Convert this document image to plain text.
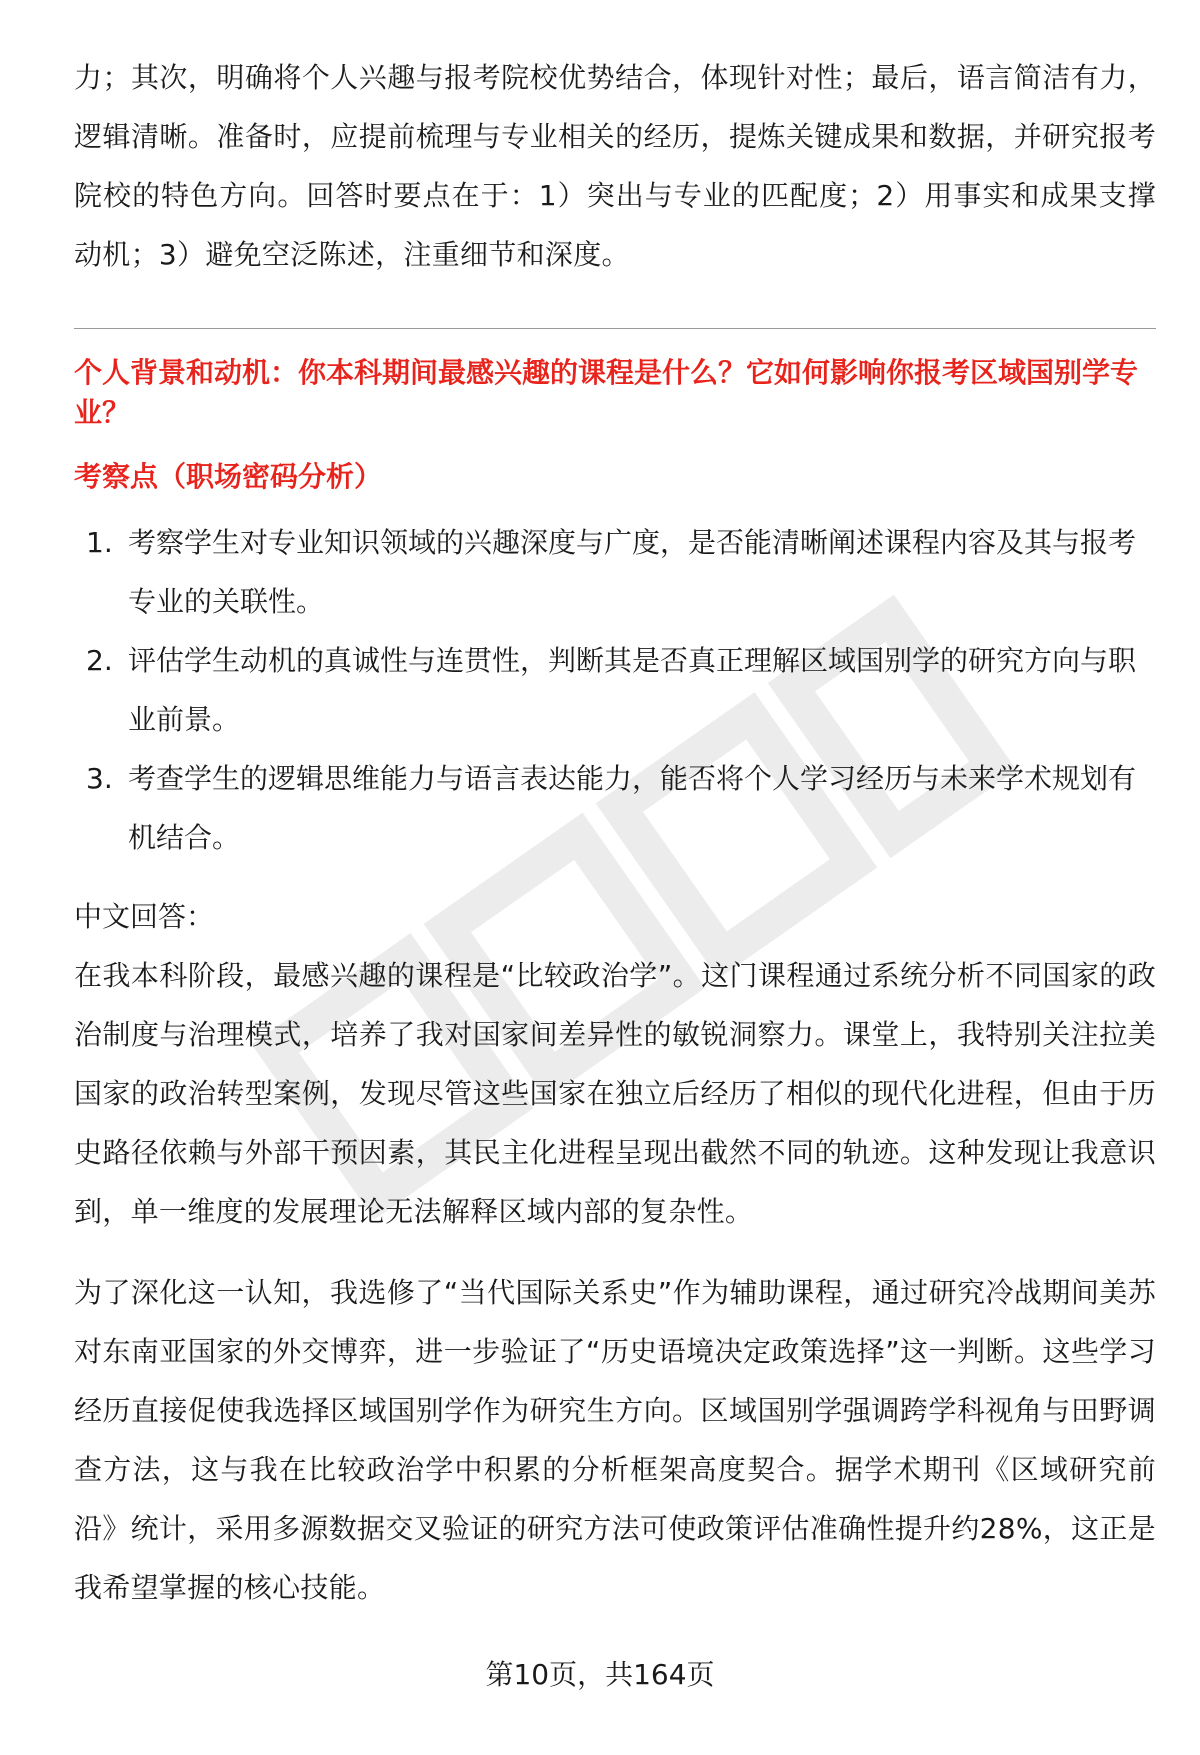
力；其次，明确将个人兴趣与报考院校优势结合，体现针对性；最后，语言简洁有力，逻辑清晰。准备时，应提前梳理与专业相关的经历，提炼关键成果和数据，并研究报考院校的特色方向。回答时要点在于：1）突出与专业的匹配度；2）用事实和成果支撑动机；3）避免空泛陈述，注重细节和深度。

个人背景和动机：你本科期间最感兴趣的课程是什么？它如何影响你报考区域国别学专业？

考察点（职场密码分析）

1. 考察学生对专业知识领域的兴趣深度与广度，是否能清晰阐述课程内容及其与报考专业的关联性。
2. 评估学生动机的真诚性与连贯性，判断其是否真正理解区域国别学的研究方向与职业前景。
3. 考查学生的逻辑思维能力与语言表达能力，能否将个人学习经历与未来学术规划有机结合。

中文回答：

在我本科阶段，最感兴趣的课程是“比较政治学”。这门课程通过系统分析不同国家的政治制度与治理模式，培养了我对国家间差异性的敏锐洞察力。课堂上，我特别关注拉美国家的政治转型案例，发现尽管这些国家在独立后经历了相似的现代化进程，但由于历史路径依赖与外部干预因素，其民主化进程呈现出截然不同的轨迹。这种发现让我意识到，单一维度的发展理论无法解释区域内部的复杂性。

为了深化这一认知，我选修了“当代国际关系史”作为辅助课程，通过研究冷战期间美苏对东南亚国家的外交博弈，进一步验证了“历史语境决定政策选择”这一判断。这些学习经历直接促使我选择区域国别学作为研究生方向。区域国别学强调跨学科视角与田野调查方法，这与我在比较政治学中积累的分析框架高度契合。据学术期刊《区域研究前沿》统计，采用多源数据交叉验证的研究方法可使政策评估准确性提升约28%，这正是我希望掌握的核心技能。

第10页，共164页
